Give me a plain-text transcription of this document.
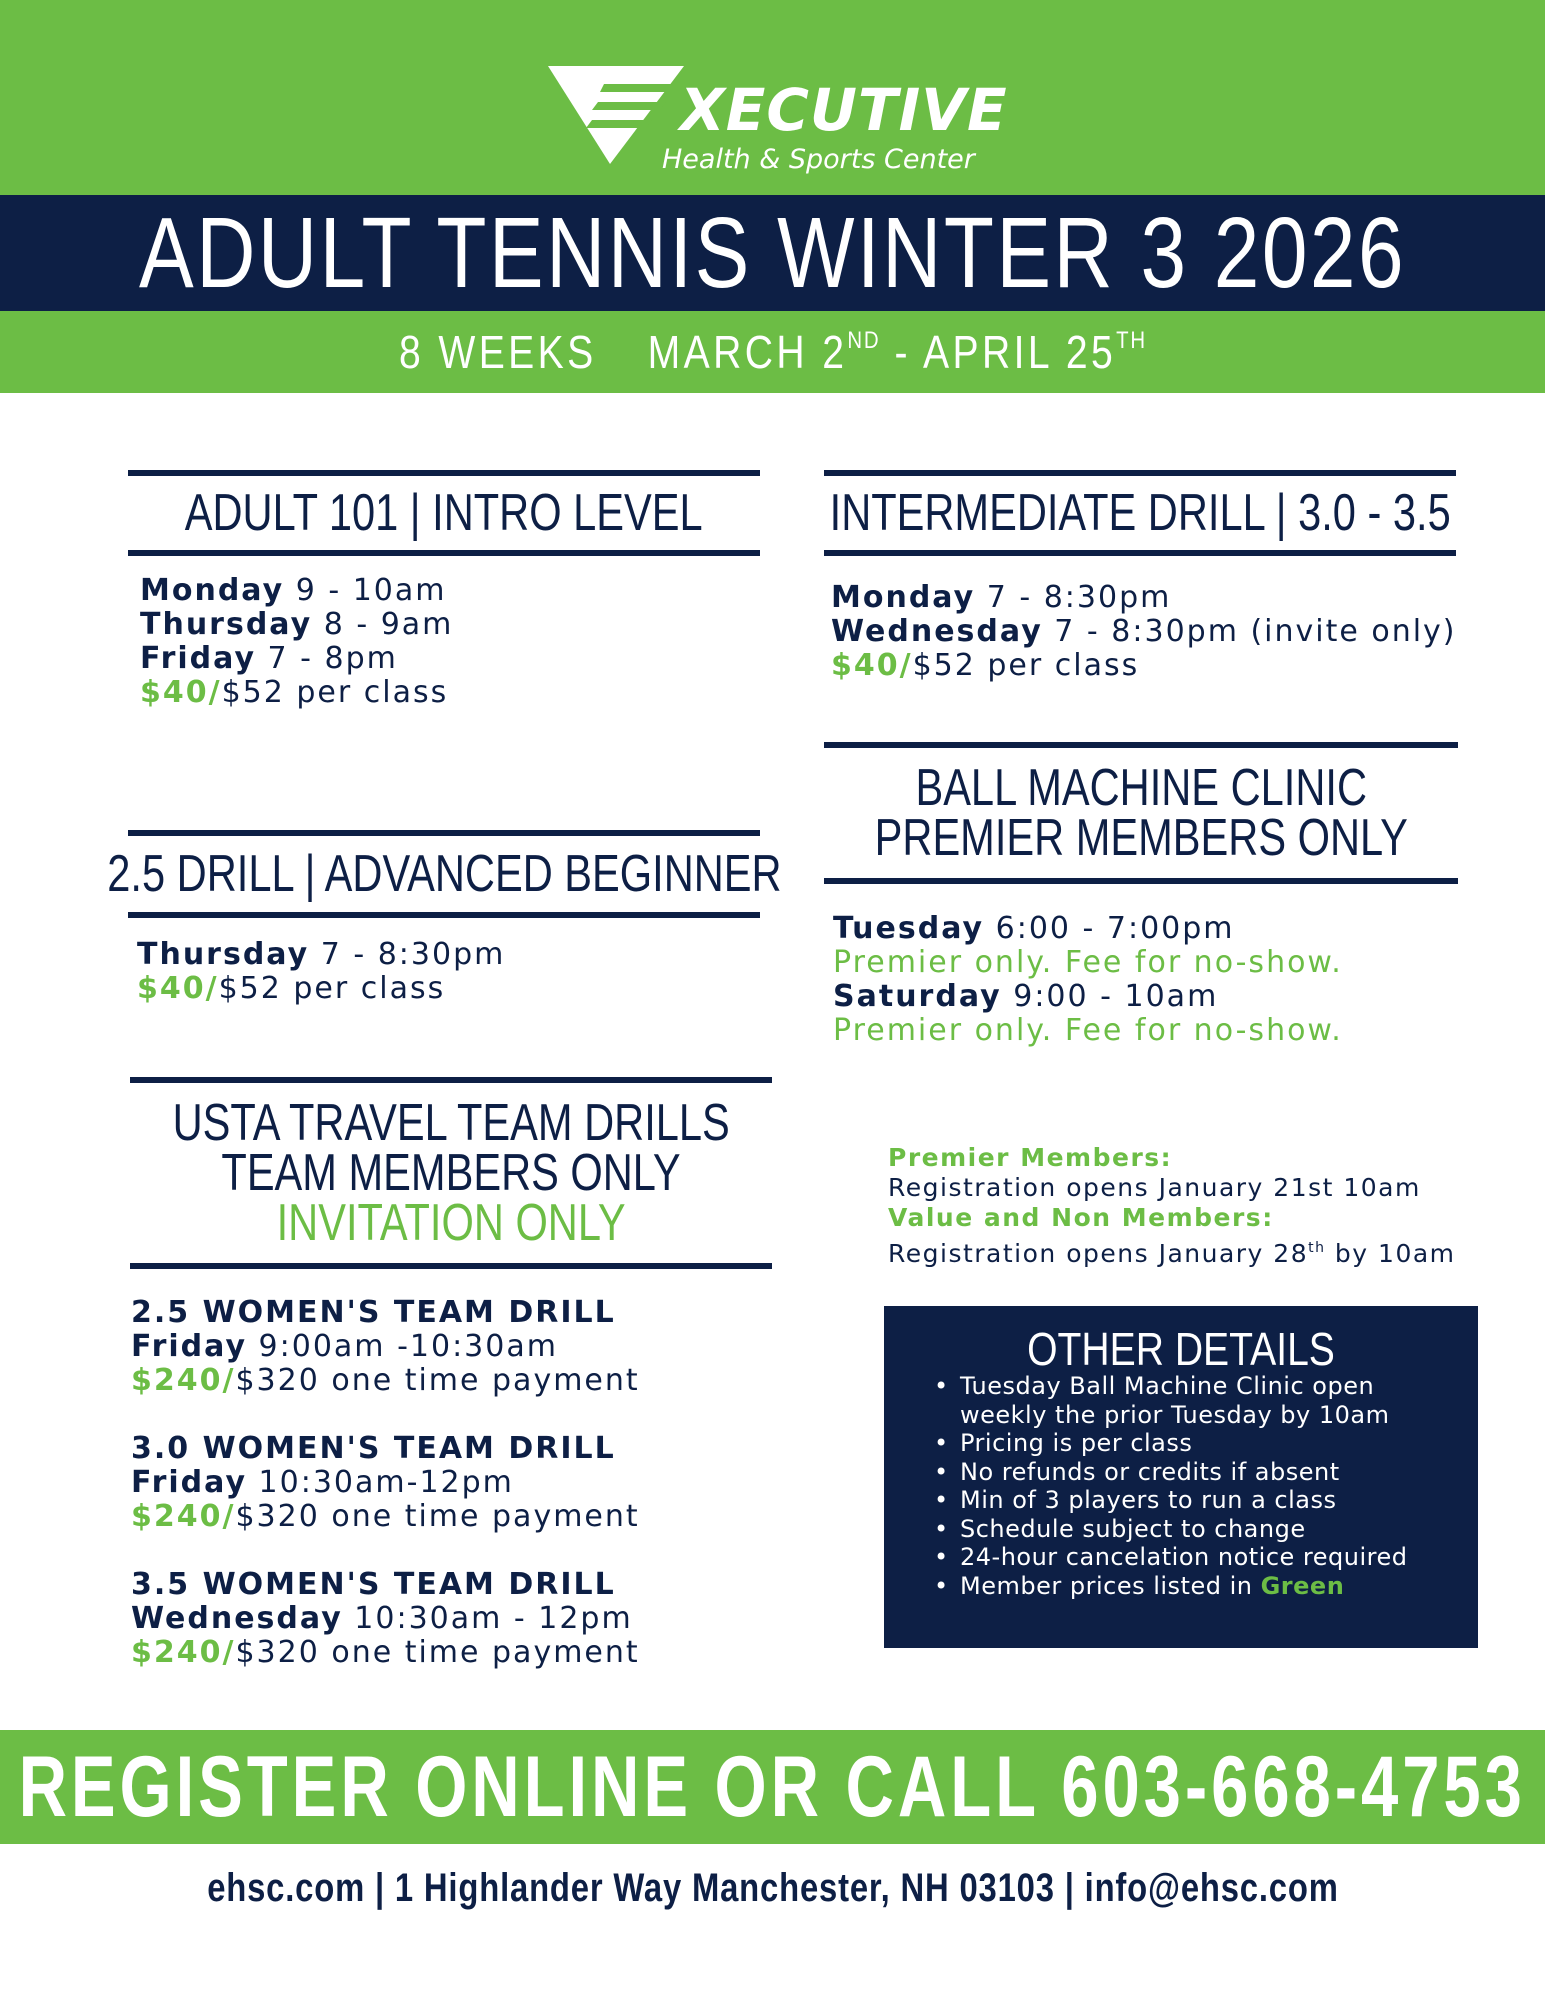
XECUTIVE
Health & Sports Center
ADULT TENNIS WINTER 3 2026
8 WEEKS MARCH 2ND - APRIL 25TH
ADULT 101 | INTRO LEVEL
Monday 9 - 10am
Thursday 8 - 9am
Friday 7 - 8pm
$40/$52 per class
2.5 DRILL | ADVANCED BEGINNER
Thursday 7 - 8:30pm
$40/$52 per class
USTA TRAVEL TEAM DRILLS
TEAM MEMBERS ONLY
INVITATION ONLY
2.5 WOMEN'S TEAM DRILL
Friday 9:00am -10:30am
$240/$320 one time payment
3.0 WOMEN'S TEAM DRILL
Friday 10:30am-12pm
$240/$320 one time payment
3.5 WOMEN'S TEAM DRILL
Wednesday 10:30am - 12pm
$240/$320 one time payment
INTERMEDIATE DRILL | 3.0 - 3.5
Monday 7 - 8:30pm
Wednesday 7 - 8:30pm (invite only)
$40/$52 per class
BALL MACHINE CLINIC
PREMIER MEMBERS ONLY
Tuesday 6:00 - 7:00pm
Premier only. Fee for no-show.
Saturday 9:00 - 10am
Premier only. Fee for no-show.
Premier Members:
Registration opens January 21st 10am
Value and Non Members:
Registration opens January 28th by 10am
OTHER DETAILS
• Tuesday Ball Machine Clinic open
weekly the prior Tuesday by 10am
• Pricing is per class
• No refunds or credits if absent
• Min of 3 players to run a class
• Schedule subject to change
• 24-hour cancelation notice required
• Member prices listed in Green
REGISTER ONLINE OR CALL 603-668-4753
ehsc.com | 1 Highlander Way Manchester, NH 03103 | info@ehsc.com
